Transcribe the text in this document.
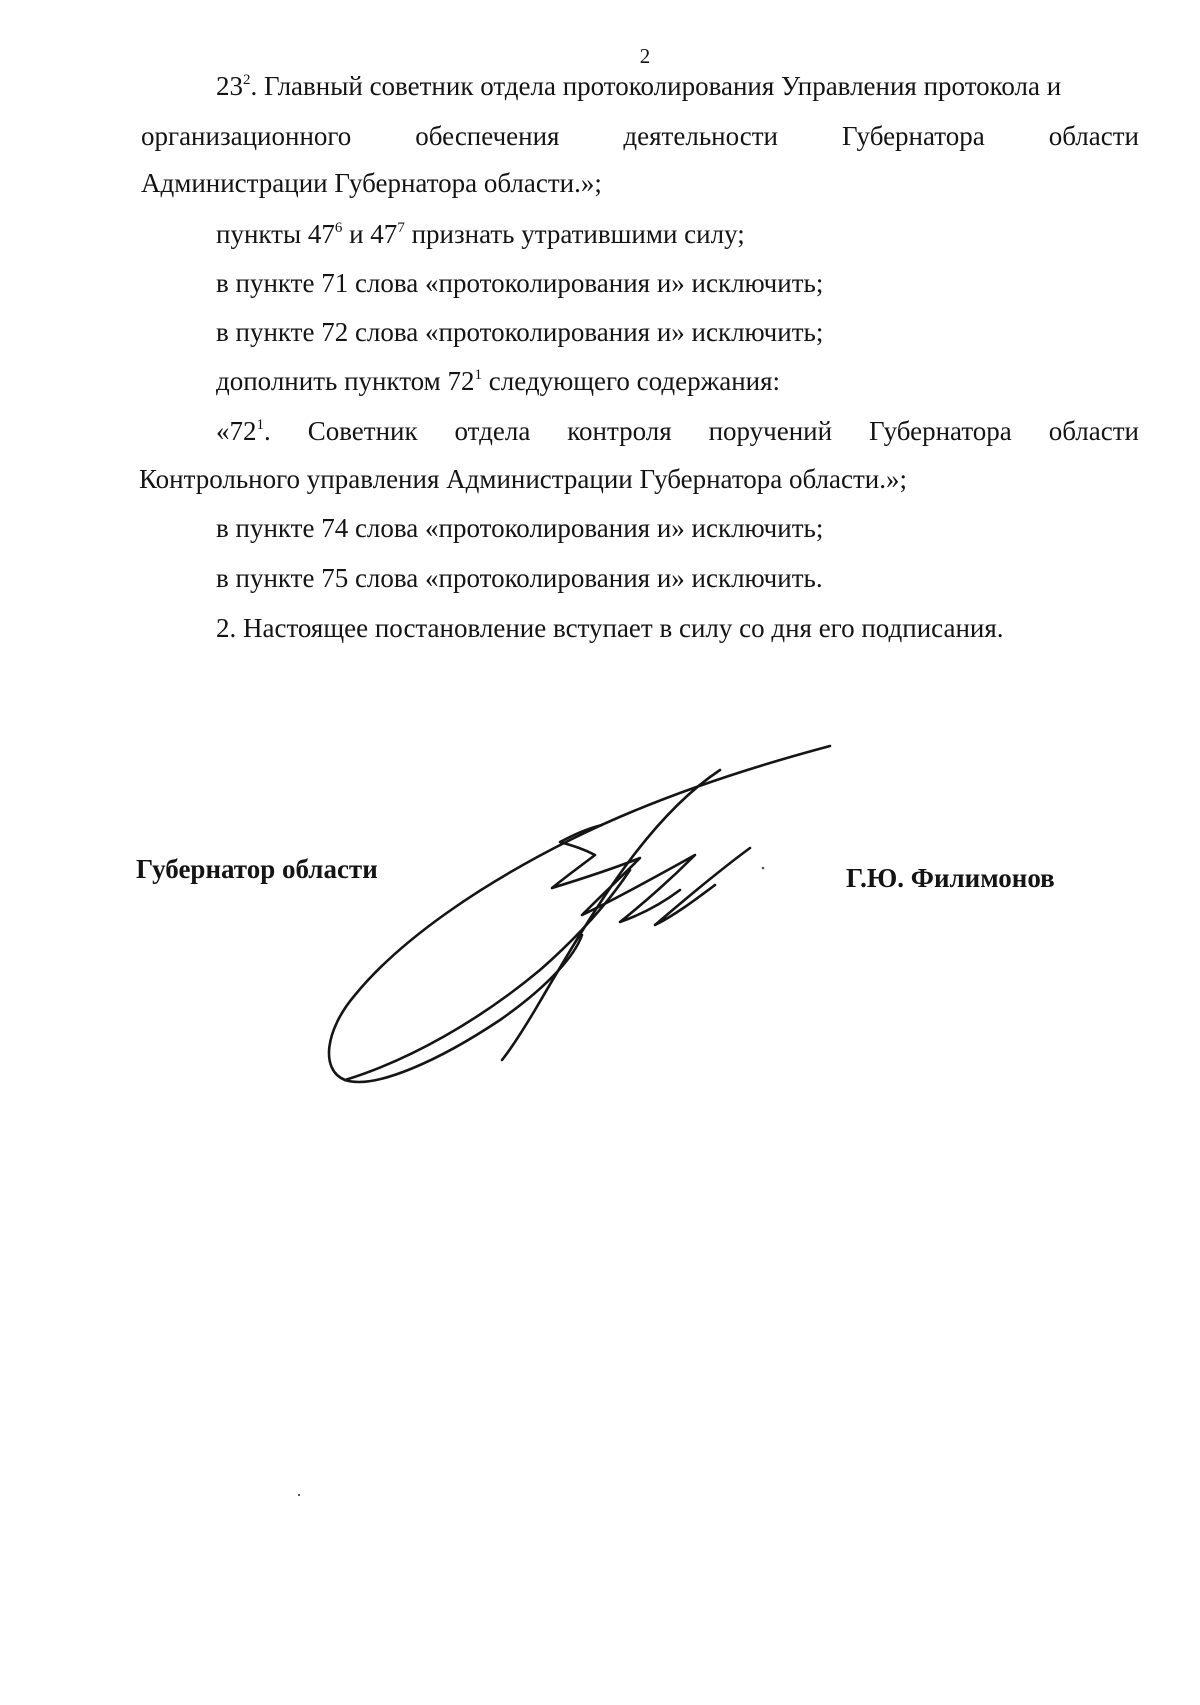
2
$23^2$. Главный советник отдела протоколирования Управления протокола и
организационного обеспечения деятельности Губернатора области
Администрации Губернатора области.»;
пункты $47^6$ и $47^7$ признать утратившими силу;
в пункте 71 слова «протоколирования и» исключить;
в пункте 72 слова «протоколирования и» исключить;
дополнить пунктом $72^1$ следующего содержания:
«$72^1$. Советник отдела контроля поручений Губернатора области
Контрольного управления Администрации Губернатора области.»;
в пункте 74 слова «протоколирования и» исключить;
в пункте 75 слова «протоколирования и» исключить.
2. Настоящее постановление вступает в силу со дня его подписания.
Губернатор области	Г.Ю. Филимонов
